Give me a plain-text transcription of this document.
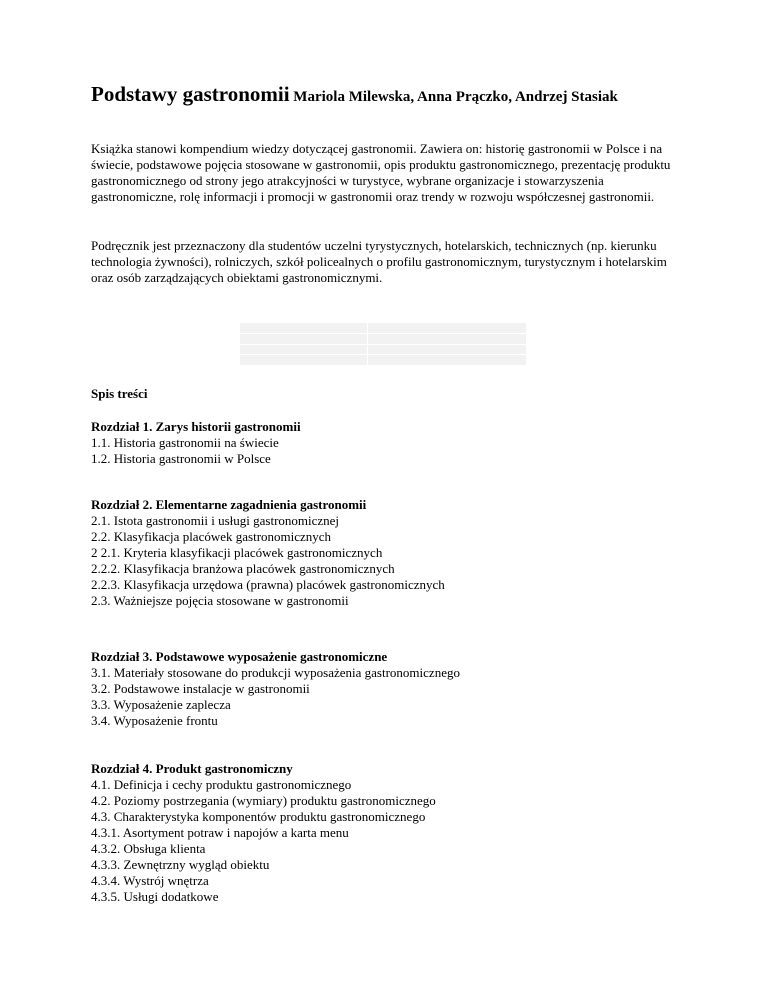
Podstawy gastronomii Mariola Milewska, Anna Prączko, Andrzej Stasiak

Książka stanowi kompendium wiedzy dotyczącej gastronomii. Zawiera on: historię gastronomii w Polsce i na świecie, podstawowe pojęcia stosowane w gastronomii, opis produktu gastronomicznego, prezentację produktu gastronomicznego od strony jego atrakcyjności w turystyce, wybrane organizacje i stowarzyszenia gastronomiczne, rolę informacji i promocji w gastronomii oraz trendy w rozwoju współczesnej gastronomii.

Podręcznik jest przeznaczony dla studentów uczelni tyrystycznych, hotelarskich, technicznych (np. kierunku technologia żywności), rolniczych, szkół policealnych o profilu gastronomicznym, turystycznym i hotelarskim oraz osób zarządzających obiektami gastronomicznymi.

Spis treści
Rozdział 1. Zarys historii gastronomii
1.1. Historia gastronomii na świecie
1.2. Historia gastronomii w Polsce
Rozdział 2. Elementarne zagadnienia gastronomii
2.1. Istota gastronomii i usługi gastronomicznej
2.2. Klasyfikacja placówek gastronomicznych
2 2.1. Kryteria klasyfikacji placówek gastronomicznych
2.2.2. Klasyfikacja branżowa placówek gastronomicznych
2.2.3. Klasyfikacja urzędowa (prawna) placówek gastronomicznych
2.3. Ważniejsze pojęcia stosowane w gastronomii
Rozdział 3. Podstawowe wyposażenie gastronomiczne
3.1. Materiały stosowane do produkcji wyposażenia gastronomicznego
3.2. Podstawowe instalacje w gastronomii
3.3. Wyposażenie zaplecza
3.4. Wyposażenie frontu
Rozdział 4. Produkt gastronomiczny
4.1. Definicja i cechy produktu gastronomicznego
4.2. Poziomy postrzegania (wymiary) produktu gastronomicznego
4.3. Charakterystyka komponentów produktu gastronomicznego
4.3.1. Asortyment potraw i napojów a karta menu
4.3.2. Obsługa klienta
4.3.3. Zewnętrzny wygląd obiektu
4.3.4. Wystrój wnętrza
4.3.5. Usługi dodatkowe
